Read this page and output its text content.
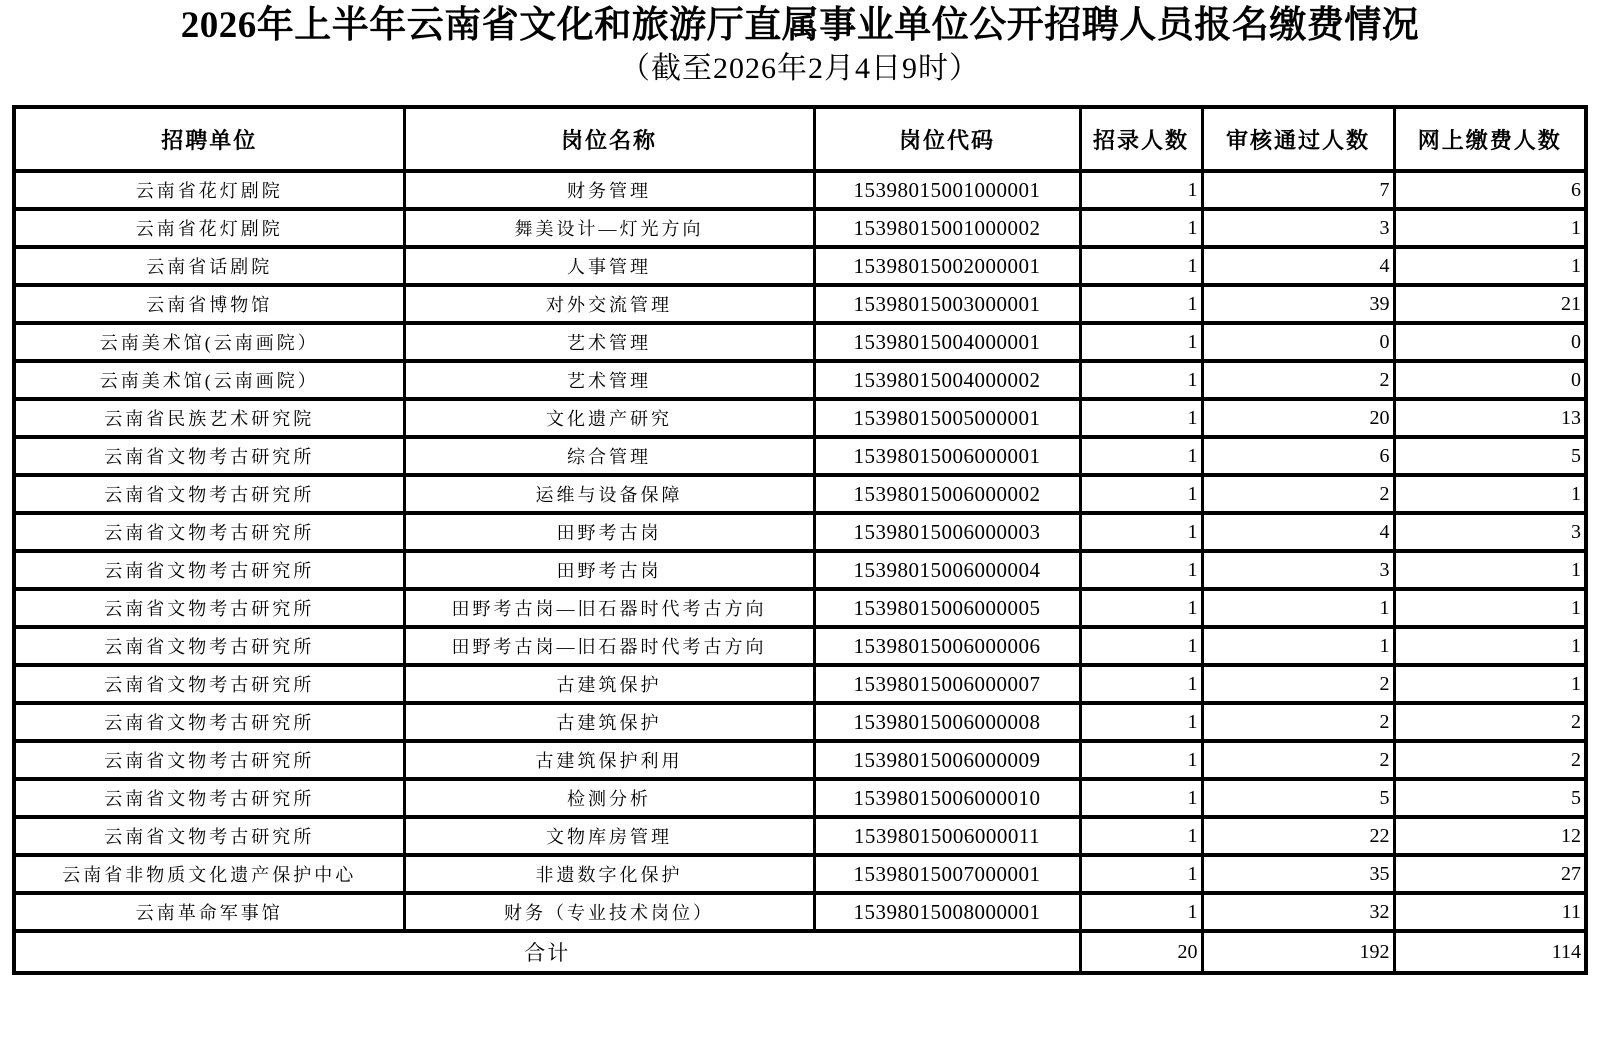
2026年上半年云南省文化和旅游厅直属事业单位公开招聘人员报名缴费情况
（截至2026年2月4日9时）
招聘单位	岗位名称	岗位代码	招录人数	审核通过人数	网上缴费人数
云南省花灯剧院	财务管理	15398015001000001	1	7	6
云南省花灯剧院	舞美设计—灯光方向	15398015001000002	1	3	1
云南省话剧院	人事管理	15398015002000001	1	4	1
云南省博物馆	对外交流管理	15398015003000001	1	39	21
云南美术馆(云南画院）	艺术管理	15398015004000001	1	0	0
云南美术馆(云南画院）	艺术管理	15398015004000002	1	2	0
云南省民族艺术研究院	文化遗产研究	15398015005000001	1	20	13
云南省文物考古研究所	综合管理	15398015006000001	1	6	5
云南省文物考古研究所	运维与设备保障	15398015006000002	1	2	1
云南省文物考古研究所	田野考古岗	15398015006000003	1	4	3
云南省文物考古研究所	田野考古岗	15398015006000004	1	3	1
云南省文物考古研究所	田野考古岗—旧石器时代考古方向	15398015006000005	1	1	1
云南省文物考古研究所	田野考古岗—旧石器时代考古方向	15398015006000006	1	1	1
云南省文物考古研究所	古建筑保护	15398015006000007	1	2	1
云南省文物考古研究所	古建筑保护	15398015006000008	1	2	2
云南省文物考古研究所	古建筑保护利用	15398015006000009	1	2	2
云南省文物考古研究所	检测分析	15398015006000010	1	5	5
云南省文物考古研究所	文物库房管理	15398015006000011	1	22	12
云南省非物质文化遗产保护中心	非遗数字化保护	15398015007000001	1	35	27
云南革命军事馆	财务（专业技术岗位）	15398015008000001	1	32	11
合计			20	192	114
